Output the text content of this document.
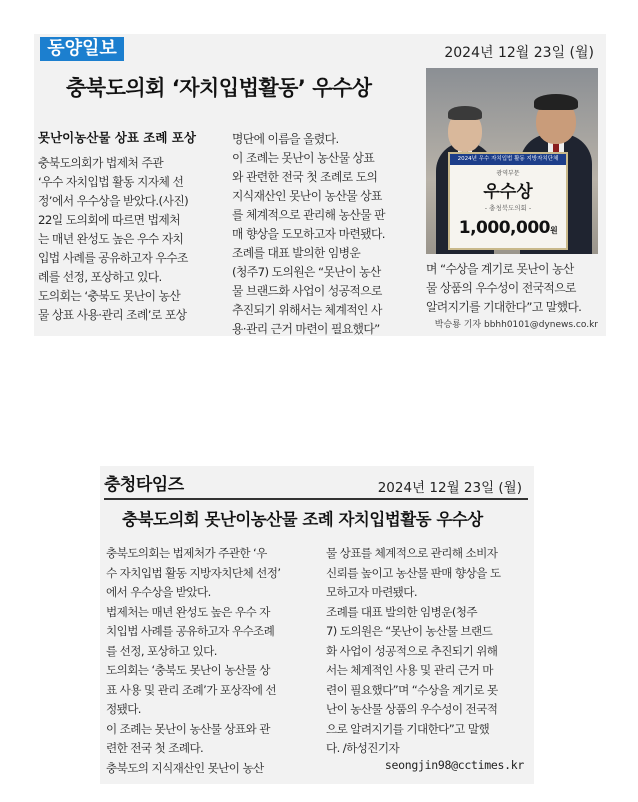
동양일보	2024년 12월 23일 (월)
충북도의회 ‘자치입법활동’ 우수상
못난이농산물 상표 조례 포상
충북도의회가 법제처 주관
‘우수 자치입법 활동 지자체 선
정’에서 우수상을 받았다.(사진)
22일 도의회에 따르면 법제처
는 매년 완성도 높은 우수 자치
입법 사례를 공유하고자 우수조
례를 선정, 포상하고 있다.
도의회는 ‘충북도 못난이 농산
물 상표 사용·관리 조례’로 포상
명단에 이름을 올렸다.
이 조례는 못난이 농산물 상표
와 관련한 전국 첫 조례로 도의
지식재산인 못난이 농산물 상표
를 체계적으로 관리해 농산물 판
매 향상을 도모하고자 마련됐다.
조례를 대표 발의한 임병운
(청주7) 도의원은 “못난이 농산
물 브랜드화 사업이 성공적으로
추진되기 위해서는 체계적인 사
용·관리 근거 마련이 필요했다”
2024년 우수 자치입법 활동 지방자치단체
광역부문
우수상
- 충청북도의회 -
1,000,000원
며 “수상을 계기로 못난이 농산
물 상품의 우수성이 전국적으로
알려지기를 기대한다”고 말했다.
박승룡 기자 bbhh0101@dynews.co.kr
충청타임즈	2024년 12월 23일 (월)
충북도의회 못난이농산물 조례 자치입법활동 우수상
충북도의회는 법제처가 주관한 ‘우
수 자치입법 활동 지방자치단체 선정’
에서 우수상을 받았다.
법제처는 매년 완성도 높은 우수 자
치입법 사례를 공유하고자 우수조례
를 선정, 포상하고 있다.
도의회는 ‘충북도 못난이 농산물 상
표 사용 및 관리 조례’가 포상작에 선
정됐다.
이 조례는 못난이 농산물 상표와 관
련한 전국 첫 조례다.
충북도의 지식재산인 못난이 농산
물 상표를 체계적으로 관리해 소비자
신뢰를 높이고 농산물 판매 향상을 도
모하고자 마련됐다.
조례를 대표 발의한 임병운(청주
7) 도의원은 “못난이 농산물 브랜드
화 사업이 성공적으로 추진되기 위해
서는 체계적인 사용 및 관리 근거 마
련이 필요했다”며 “수상을 계기로 못
난이 농산물 상품의 우수성이 전국적
으로 알려지기를 기대한다”고 말했
다. /하성진기자
seongjin98@cctimes.kr
